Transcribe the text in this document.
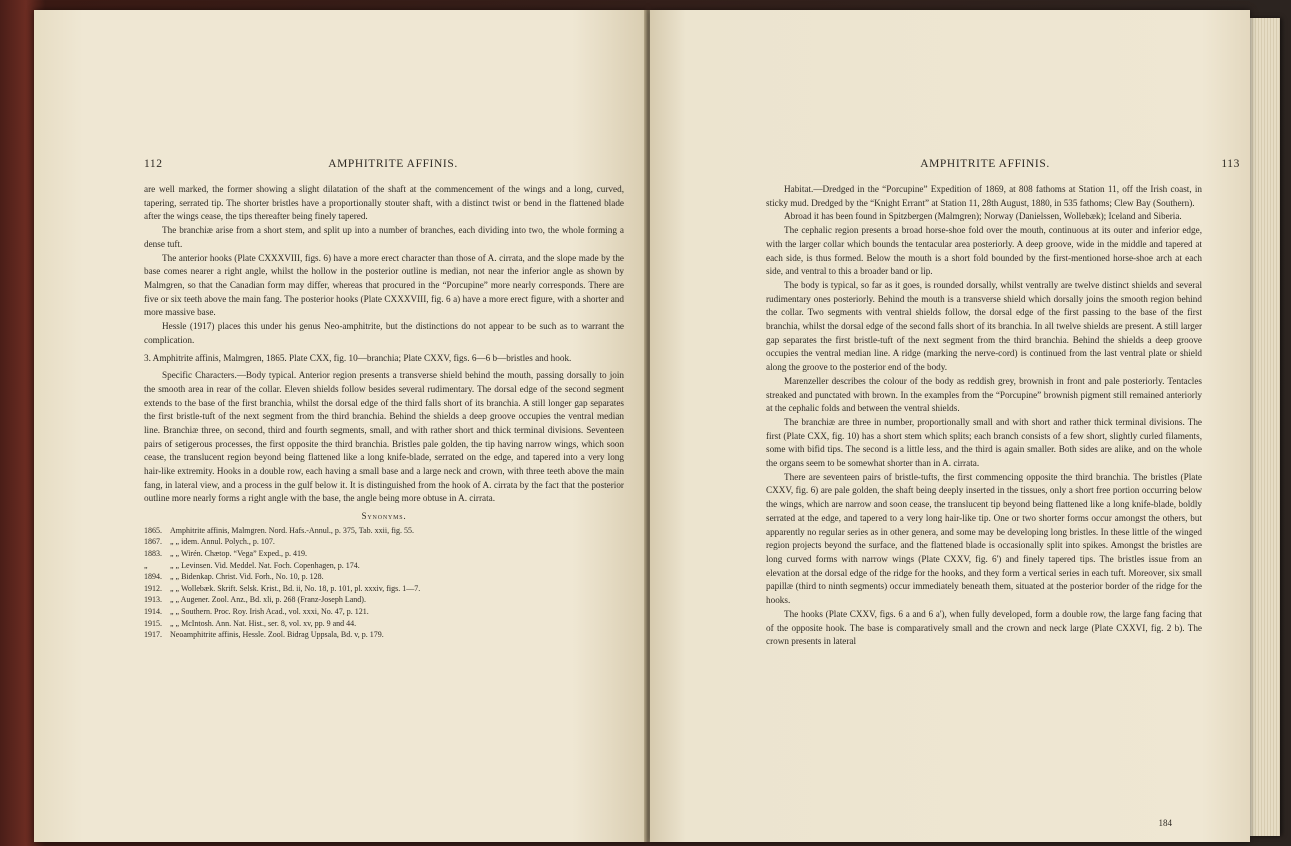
112	AMPHITRITE AFFINIS.

are well marked, the former showing a slight dilatation of the shaft at the commencement of the wings and a long, curved, tapering, serrated tip. The shorter bristles have a proportionally stouter shaft, with a distinct twist or bend in the flattened blade after the wings cease, the tips thereafter being finely tapered.

The branchiæ arise from a short stem, and split up into a number of branches, each dividing into two, the whole forming a dense tuft.

The anterior hooks (Plate CXXXVIII, figs. 6) have a more erect character than those of A. cirrata, and the slope made by the base comes nearer a right angle, whilst the hollow in the posterior outline is median, not near the inferior angle as shown by Malmgren, so that the Canadian form may differ, whereas that procured in the “Porcupine” more nearly corresponds. There are five or six teeth above the main fang. The posterior hooks (Plate CXXXVIII, fig. 6 a) have a more erect figure, with a shorter and more massive base.

Hessle (1917) places this under his genus Neo-amphitrite, but the distinctions do not appear to be such as to warrant the complication.

3. Amphitrite affinis, Malmgren, 1865. Plate CXX, fig. 10—branchia; Plate CXXV, figs. 6—6 b—bristles and hook.

Specific Characters.—Body typical. Anterior region presents a transverse shield behind the mouth, passing dorsally to join the smooth area in rear of the collar. Eleven shields follow besides several rudimentary. The dorsal edge of the second segment extends to the base of the first branchia, whilst the dorsal edge of the third falls short of its branchia. A still longer gap separates the first bristle-tuft of the next segment from the third branchia. Behind the shields a deep groove occupies the ventral median line. Branchiæ three, on second, third and fourth segments, small, and with rather short and thick terminal divisions. Seventeen pairs of setigerous processes, the first opposite the third branchia. Bristles pale golden, the tip having narrow wings, which soon cease, the translucent region beyond being flattened like a long knife-blade, serrated on the edge, and tapered into a very long hair-like extremity. Hooks in a double row, each having a small base and a large neck and crown, with three teeth above the main fang, in lateral view, and a process in the gulf below it. It is distinguished from the hook of A. cirrata by the fact that the posterior outline more nearly forms a right angle with the base, the angle being more obtuse in A. cirrata.

Synonyms.

1865.	Amphitrite affinis, Malmgren. Nord. Hafs.-Annul., p. 375, Tab. xxii, fig. 55.
1867.	„ „ idem. Annul. Polych., p. 107.
1883.	„ „ Wirén. Chætop. “Vega” Exped., p. 419.
„	„ „ Levinsen. Vid. Meddel. Nat. Foch. Copenhagen, p. 174.
1894.	„ „ Bidenkap. Christ. Vid. Forh., No. 10, p. 128.
1912.	„ „ Wollebæk. Skrift. Selsk. Krist., Bd. ii, No. 18, p. 101, pl. xxxiv, figs. 1—7.
1913.	„ „ Augener. Zool. Anz., Bd. xli, p. 268 (Franz-Joseph Land).
1914.	„ „ Southern. Proc. Roy. Irish Acad., vol. xxxi, No. 47, p. 121.
1915.	„ „ McIntosh. Ann. Nat. Hist., ser. 8, vol. xv, pp. 9 and 44.
1917.	Neoamphitrite affinis, Hessle. Zool. Bidrag Uppsala, Bd. v, p. 179.
AMPHITRITE AFFINIS.	113

Habitat.—Dredged in the “Porcupine” Expedition of 1869, at 808 fathoms at Station 11, off the Irish coast, in sticky mud. Dredged by the “Knight Errant” at Station 11, 28th August, 1880, in 535 fathoms; Clew Bay (Southern).

Abroad it has been found in Spitzbergen (Malmgren); Norway (Danielssen, Wollebæk); Iceland and Siberia.

The cephalic region presents a broad horse-shoe fold over the mouth, continuous at its outer and inferior edge, with the larger collar which bounds the tentacular area posteriorly. A deep groove, wide in the middle and tapered at each side, is thus formed. Below the mouth is a short fold bounded by the first-mentioned horse-shoe arch at each side, and ventral to this a broader band or lip.

The body is typical, so far as it goes, is rounded dorsally, whilst ventrally are twelve distinct shields and several rudimentary ones posteriorly. Behind the mouth is a transverse shield which dorsally joins the smooth region behind the collar. Two segments with ventral shields follow, the dorsal edge of the first passing to the base of the first branchia, whilst the dorsal edge of the second falls short of its branchia. In all twelve shields are present. A still larger gap separates the first bristle-tuft of the next segment from the third branchia. Behind the shields a deep groove occupies the ventral median line. A ridge (marking the nerve-cord) is continued from the last ventral plate or shield along the groove to the posterior end of the body.

Marenzeller describes the colour of the body as reddish grey, brownish in front and pale posteriorly. Tentacles streaked and punctated with brown. In the examples from the “Porcupine” brownish pigment still remained anteriorly at the cephalic folds and between the ventral shields.

The branchiæ are three in number, proportionally small and with short and rather thick terminal divisions. The first (Plate CXX, fig. 10) has a short stem which splits; each branch consists of a few short, slightly curled filaments, some with bifid tips. The second is a little less, and the third is again smaller. Both sides are alike, and on the whole the organs seem to be somewhat shorter than in A. cirrata.

There are seventeen pairs of bristle-tufts, the first commencing opposite the third branchia. The bristles (Plate CXXV, fig. 6) are pale golden, the shaft being deeply inserted in the tissues, only a short free portion occurring below the wings, which are narrow and soon cease, the translucent tip beyond being flattened like a long knife-blade, boldly serrated at the edge, and tapered to a very long hair-like tip. One or two shorter forms occur amongst the others, but apparently no regular series as in other genera, and some may be developing long bristles. In these little of the winged region projects beyond the surface, and the flattened blade is occasionally split into spikes. Amongst the bristles are long curved forms with narrow wings (Plate CXXV, fig. 6') and finely tapered tips. The bristles issue from an elevation at the dorsal edge of the ridge for the hooks, and they form a vertical series in each tuft. Moreover, six small papillæ (third to ninth segments) occur immediately beneath them, situated at the posterior border of the ridge for the hooks.

The hooks (Plate CXXV, figs. 6 a and 6 a'), when fully developed, form a double row, the large fang facing that of the opposite hook. The base is comparatively small and the crown and neck large (Plate CXXVI, fig. 2 b). The crown presents in lateral

184
